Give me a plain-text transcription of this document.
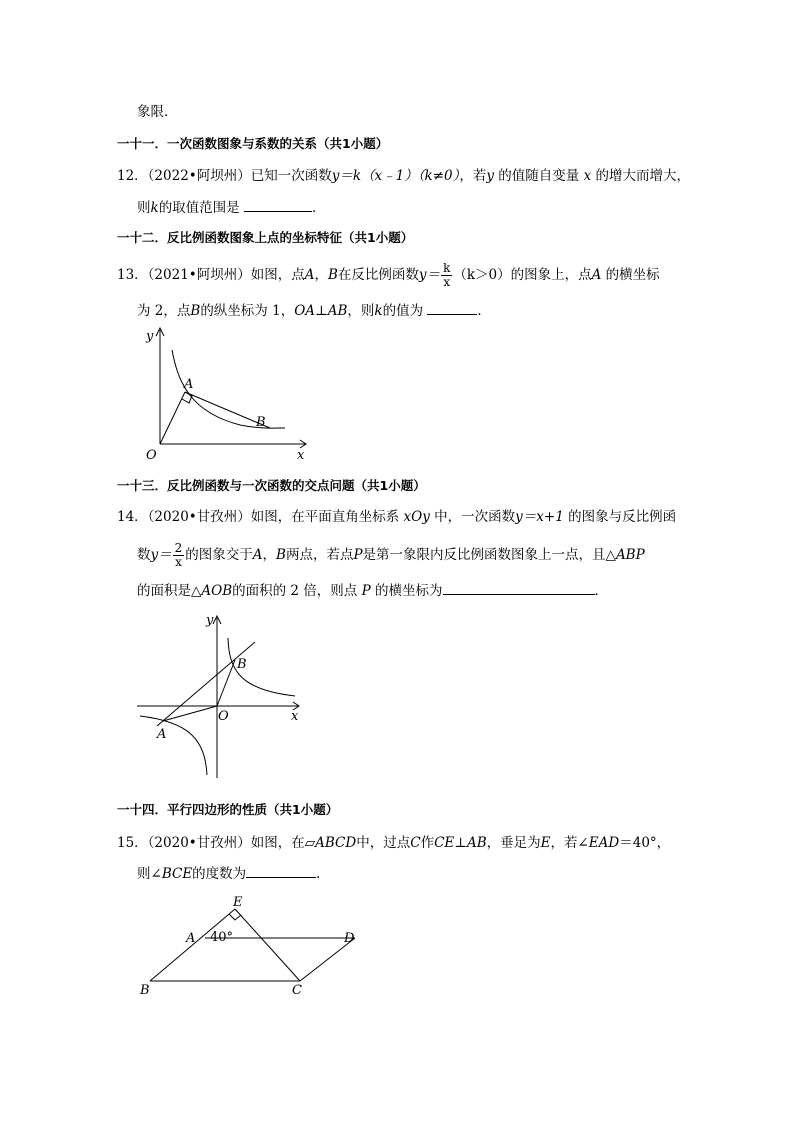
象限．
一十一．一次函数图象与系数的关系（共1小题）
12．（2022•阿坝州）已知一次函数y＝k（x﹣1）（k≠0），若y 的值随自变量 x 的增大而增大，
则k的取值范围是	．
一十二．反比例函数图象上点的坐标特征（共1小题）
13．（2021•阿坝州）如图，点A，B在反比例函数$y= \frac{k}{x} (k>0)$的图象上，点A 的横坐标
为 2，点B的纵坐标为 1，OA⊥AB，则k的值为	．
y
x
O
A
B
一十三．反比例函数与一次函数的交点问题（共1小题）
14．（2020•甘孜州）如图，在平面直角坐标系 xOy 中，一次函数y＝x+1 的图象与反比例函
数$y= \frac{2}{x}$ 的图象交于A，B两点，若点P是第一象限内反比例函数图象上一点，且△ABP
的面积是△AOB的面积的 2 倍，则点 P 的横坐标为	．
y
x
O
A
B
一十四．平行四边形的性质（共1小题）
15．（2020•甘孜州）如图，在▱ABCD中，过点C作CE⊥AB，垂足为E，若∠EAD＝40°，
则∠BCE的度数为	．
E
A 40°	D
B	C
